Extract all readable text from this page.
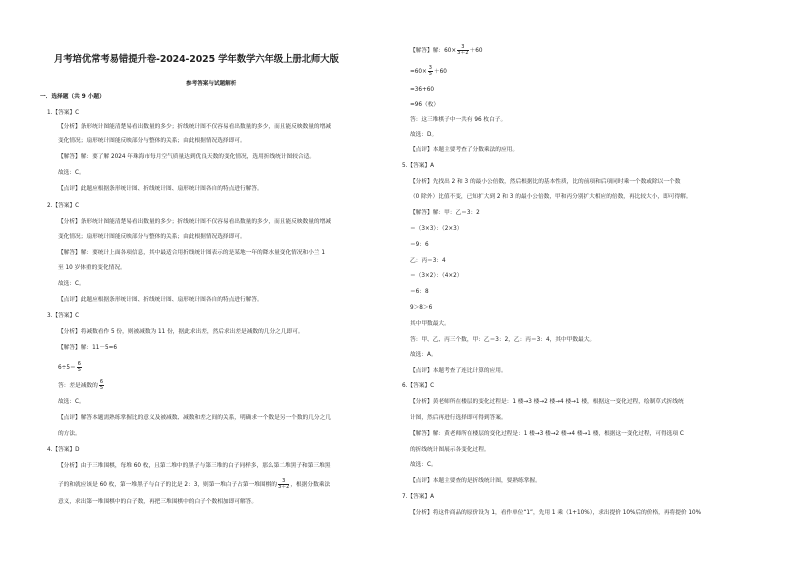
月考培优常考易错提升卷-2024-2025 学年数学六年级上册北师大版
参考答案与试题解析
一．选择题（共 9 小题）
1.【答案】C
【分析】条形统计图能清楚易看出数量的多少；折线统计图不仅容易看出数量的多少，而且能反映数量的增减
变化情况；扇形统计图能反映部分与整体的关系；由此根据情况选择即可。
【解答】解：要了解 2024 年珠海市每月空气质量达到优良天数的变化情况，选用折线统计图较合适。
故选：C。
【点评】此题应根据条形统计图、折线统计图、扇形统计图各自的特点进行解答。
2.【答案】C
【分析】条形统计图能清楚易看出数量的多少；折线统计图不仅容易看出数量的多少，而且能反映数量的增减
变化情况；扇形统计图能反映部分与整体的关系；由此根据情况选择即可。
【解答】解：要统计上面各项信息，其中最适合用折线统计图表示的是某地一年的降水量变化情况和小兰 1
至 10 岁体重的变化情况。
故选：C。
【点评】此题应根据条形统计图、折线统计图、扇形统计图各自的特点进行解答。
3.【答案】C
【分析】将减数看作 5 份，则被减数为 11 份，据此求出差，然后求出差是减数的几分之几即可。
【解答】解：11－5=6
$6\div 5= \frac{6}{5}$
答：差是减数的 $\frac{6}{5}$
故选：C。
【点评】解答本题需熟练掌握比的意义及被减数、减数和差之间的关系，明确求一个数是另一个数的几分之几
的方法。
4.【答案】D
【分析】由于三堆围棋，每堆 60 枚，且第二堆中的黑子与第三堆的白子同样多，那么第二堆黑子和第三堆黑
子的和就应该是 60 枚，第一堆黑子与白子的比是 2：3，则第一堆白子占第一堆围棋的 $\frac{3}{3+2}$ ，根据分数乘法
意义，求出第一堆围棋中的白子数，再把三堆围棋中的白子个数相加即可解答。
【解答】解：$60\times \frac{3}{3+2} +60$
$=60\times \frac{3}{5} +60$
=36+60
=96（枚）
答：这三堆棋子中一共有 96 枚白子。
故选：D。
【点评】本题主要考查了分数乘法的应用。
5.【答案】A
【分析】先找出 2 和 3 的最小公倍数，然后根据比的基本性质，比的前项和后项同时乘一个数或除以一个数
（0 除外）比值不变，已知扩大到 2 和 3 的最小公倍数，甲和丙分别扩大相应的倍数，再比较大小，即可得解。
【解答】解：甲：乙＝3：2
＝（3×3）：（2×3）
＝9：6
乙：丙＝3：4
＝（3×2）：（4×2）
＝6：8
9＞8＞6
其中甲数最大。
答：甲、乙、丙三个数，甲：乙＝3：2，乙：丙＝3：4，其中甲数最大。
故选：A。
【点评】本题考查了连比计算的应用。
6.【答案】C
【分析】黄老师所在楼层的变化过程是：1 楼→3 楼→2 楼→4 楼→1 楼，根据这一变化过程，绘制草式折线统
计图，然后再进行选择即可得到答案。
【解答】解：黄老师所在楼层的变化过程是：1 楼→3 楼→2 楼→4 楼→1 楼，根据这一变化过程，可得选项 C
的折线统计图展示各变化过程。
故选：C。
【点评】本题主要查的是折线统计图，要熟练掌握。
7.【答案】A
【分析】将这件商品的原价设为 1，看作单位“1”，先用 1 乘（1+10%），求出提价 10%后的价格，再将提价 10%
